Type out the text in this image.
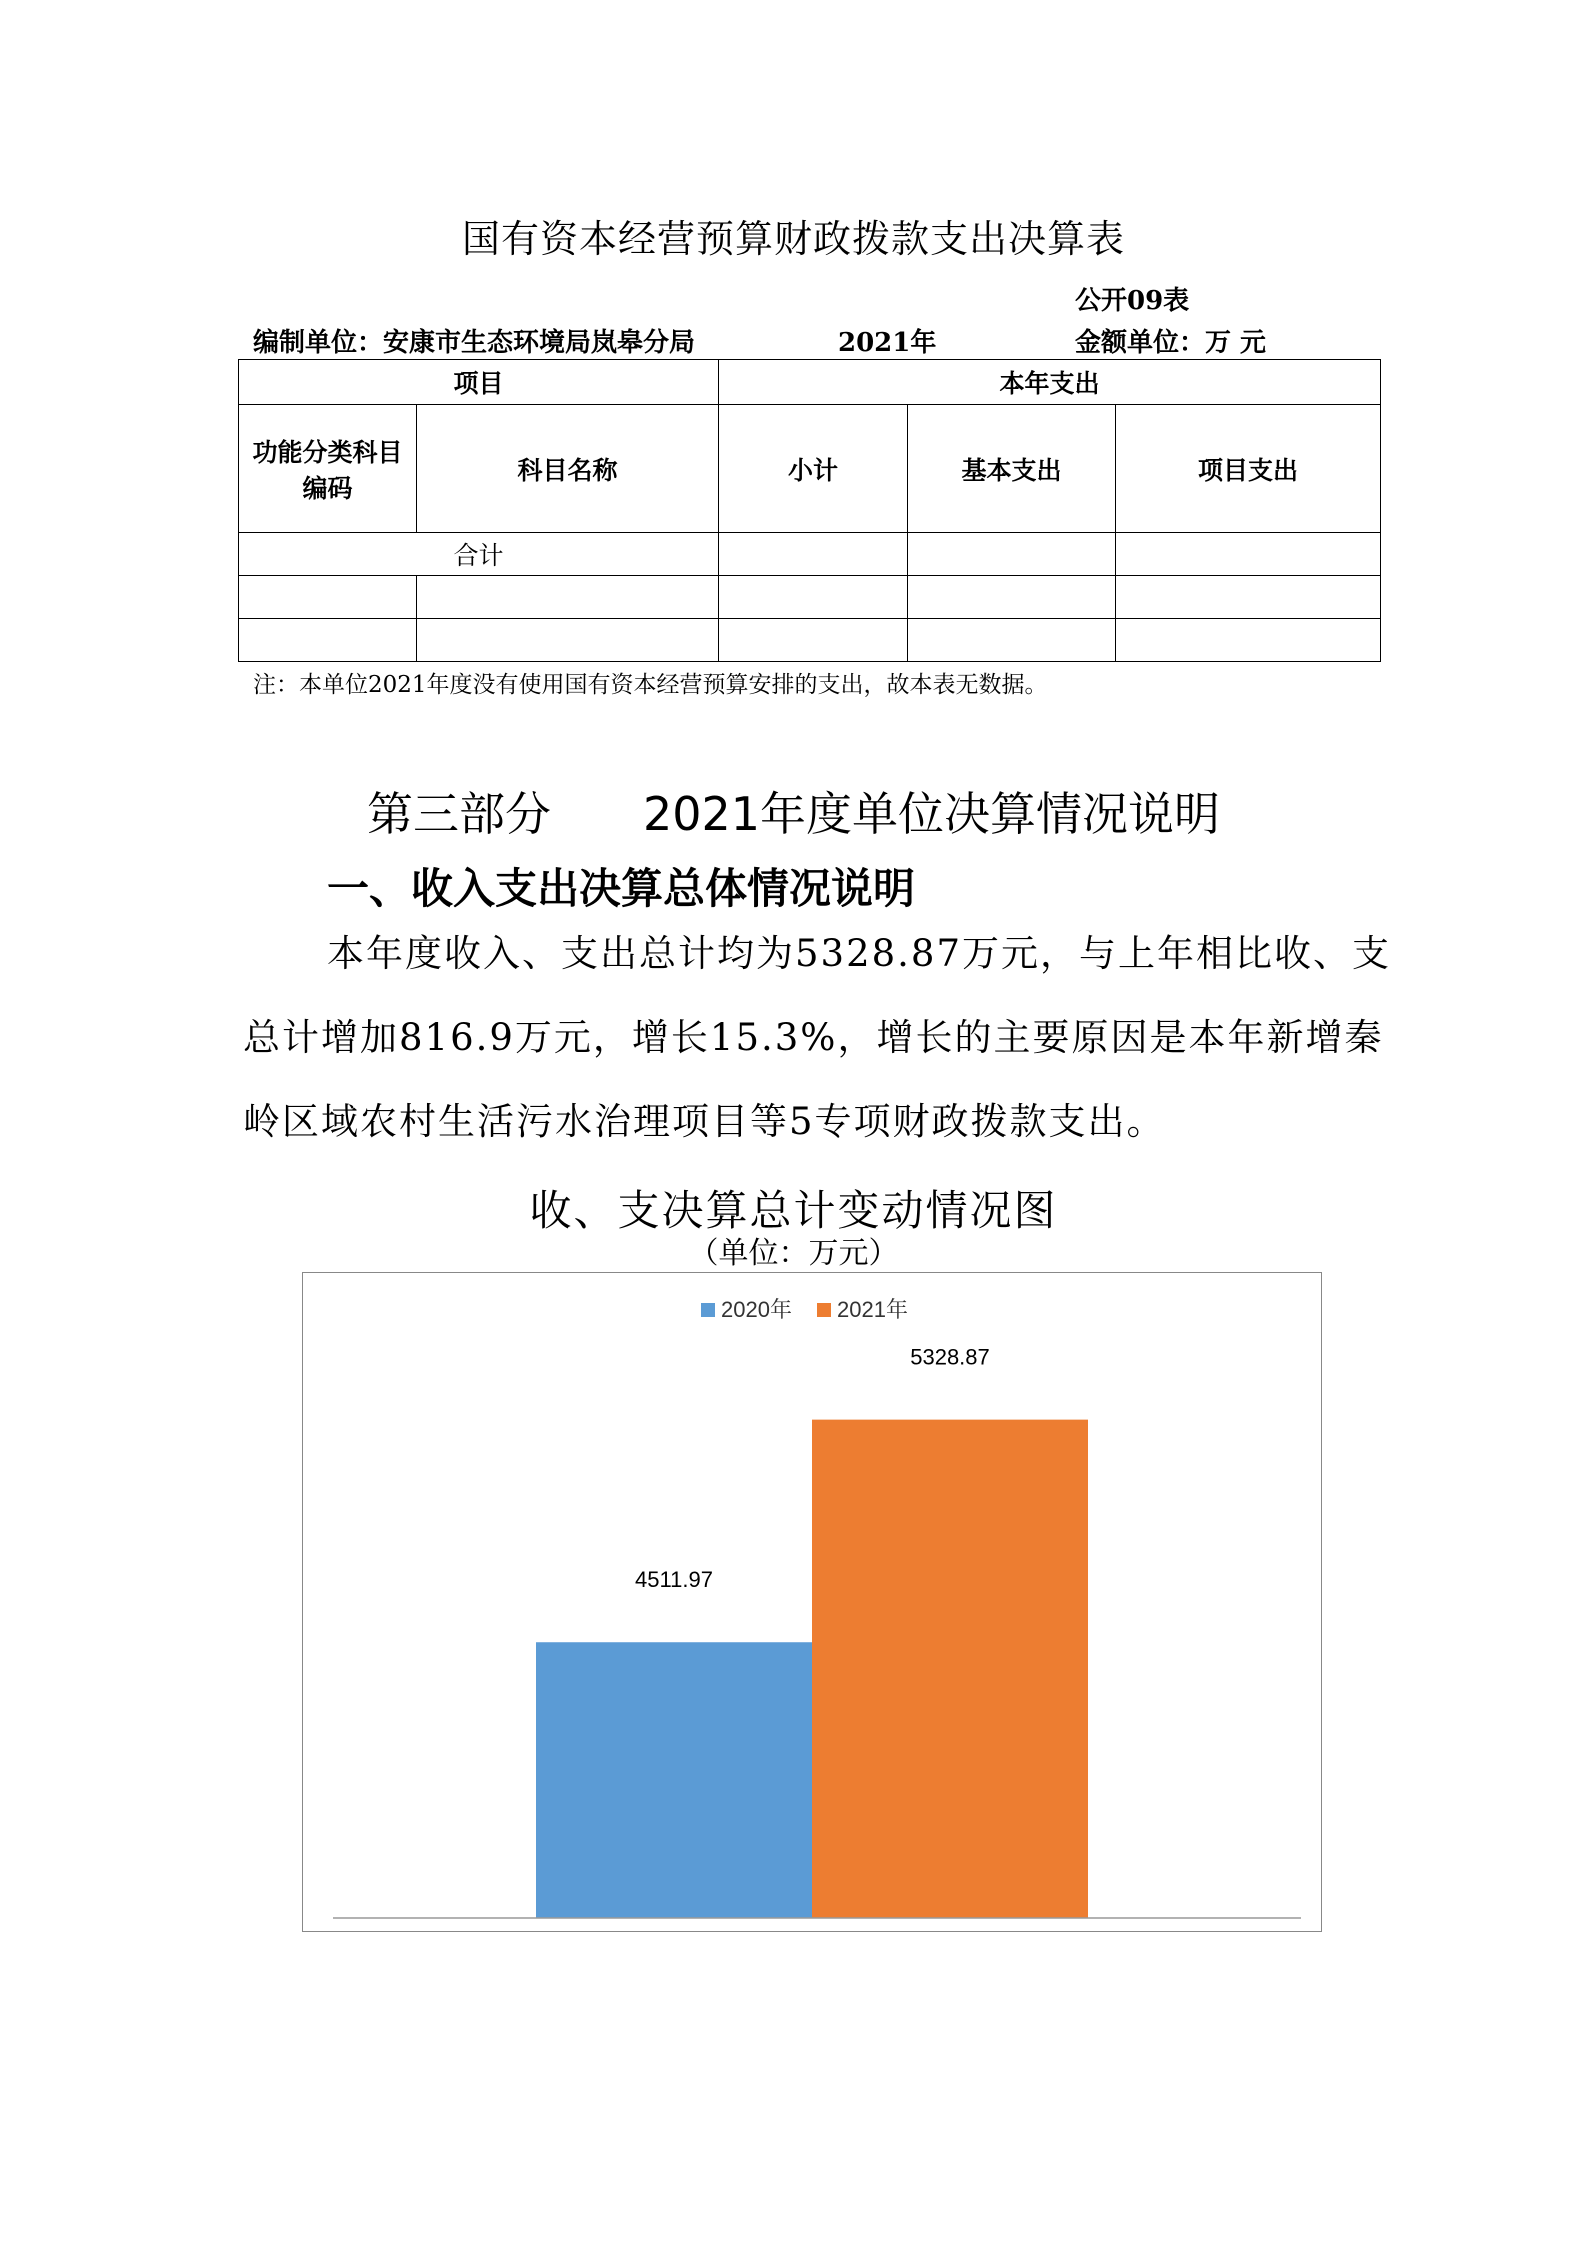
国有资本经营预算财政拨款支出决算表
公开09表
编制单位：安康市生态环境局岚皋分局	2021年	金额单位：万 元
项目		本年支出		
功能分类科目编码	科目名称	小计	基本支出	项目支出
合计				

注：本单位2021年度没有使用国有资本经营预算安排的支出，故本表无数据。
第三部分　　2021年度单位决算情况说明
一、收入支出决算总体情况说明
本年度收入、支出总计均为5328.87万元，与上年相比收、支总计增加816.9万元，增长15.3%，增长的主要原因是本年新增秦岭区域农村生活污水治理项目等5专项财政拨款支出。
收、支决算总计变动情况图
（单位：万元）
2020年 2021年
4511.97
5328.87
